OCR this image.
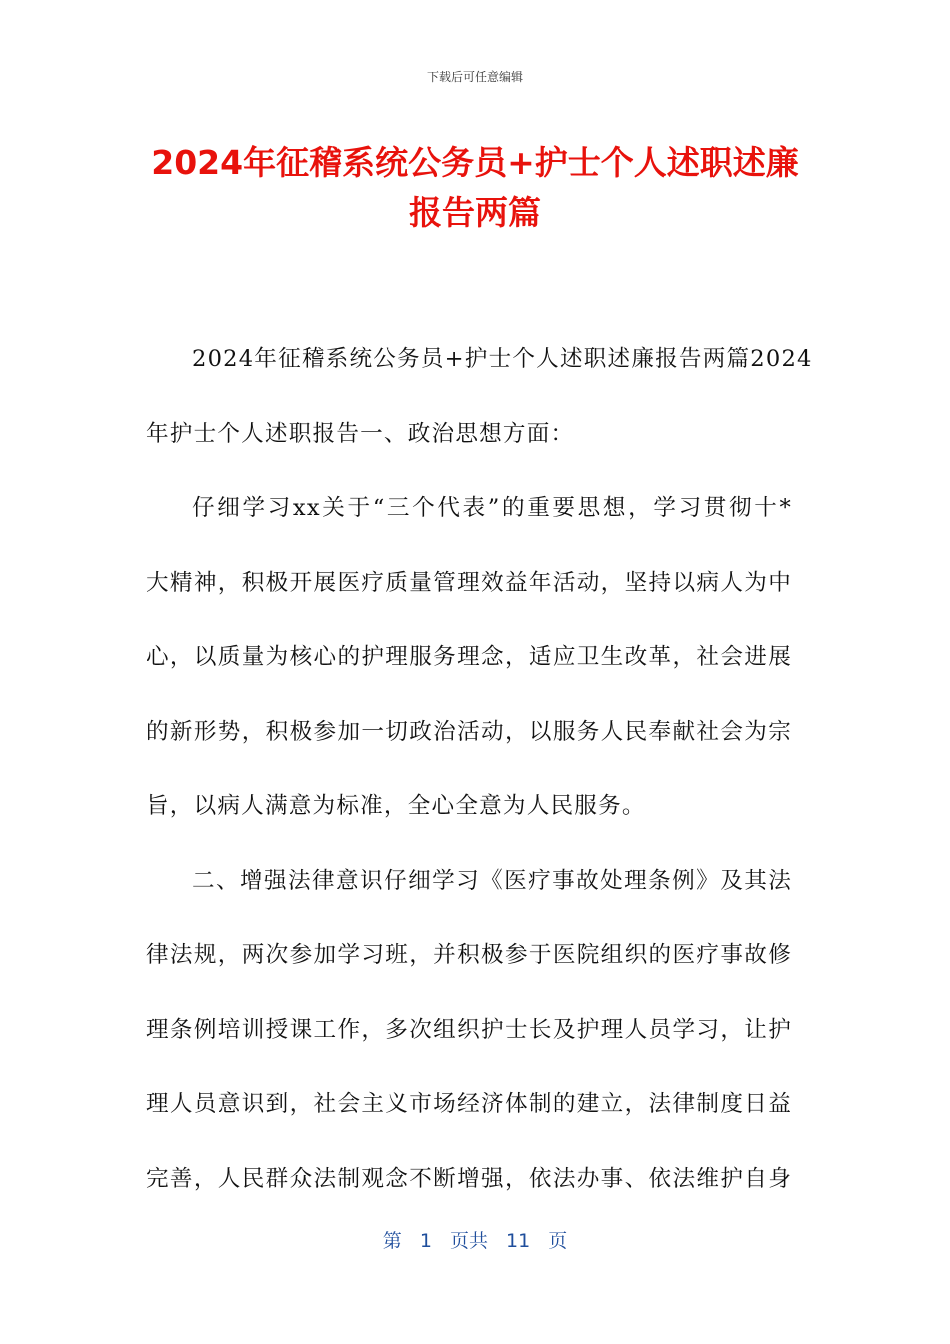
下载后可任意编辑
2024年征稽系统公务员+护士个人述职述廉
报告两篇

2024年征稽系统公务员+护士个人述职述廉报告两篇2024
年护士个人述职报告一、政治思想方面：

仔细学习xx关于“三个代表”的重要思想，学习贯彻十*
大精神，积极开展医疗质量管理效益年活动，坚持以病人为中
心，以质量为核心的护理服务理念，适应卫生改革，社会进展
的新形势，积极参加一切政治活动，以服务人民奉献社会为宗
旨，以病人满意为标准，全心全意为人民服务。

二、增强法律意识仔细学习《医疗事故处理条例》及其法
律法规，两次参加学习班，并积极参于医院组织的医疗事故修
理条例培训授课工作，多次组织护士长及护理人员学习，让护
理人员意识到，社会主义市场经济体制的建立，法律制度日益
完善，人民群众法制观念不断增强，依法办事、依法维护自身

第 1 页共 11 页
